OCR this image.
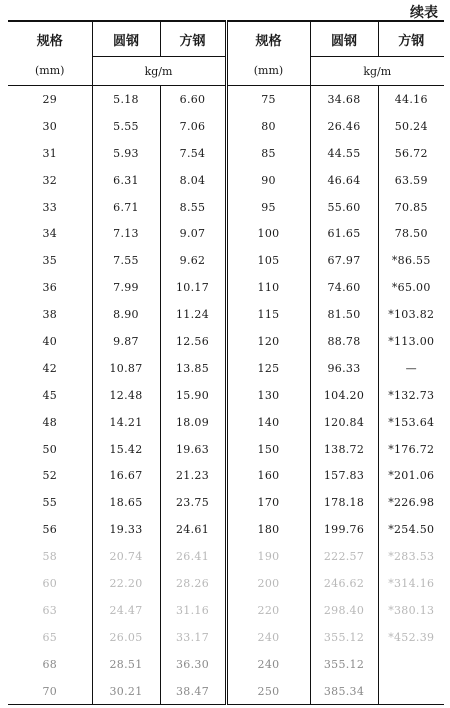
续表
规格	圆钢	方钢	规格	圆钢	方钢
(mm)	kg/m		(mm)	kg/m	
29	5.18	6.60	75	34.68	44.16
30	5.55	7.06	80	26.46	50.24
31	5.93	7.54	85	44.55	56.72
32	6.31	8.04	90	46.64	63.59
33	6.71	8.55	95	55.60	70.85
34	7.13	9.07	100	61.65	78.50
35	7.55	9.62	105	67.97	*86.55
36	7.99	10.17	110	74.60	*65.00
38	8.90	11.24	115	81.50	*103.82
40	9.87	12.56	120	88.78	*113.00
42	10.87	13.85	125	96.33	—
45	12.48	15.90	130	104.20	*132.73
48	14.21	18.09	140	120.84	*153.64
50	15.42	19.63	150	138.72	*176.72
52	16.67	21.23	160	157.83	*201.06
55	18.65	23.75	170	178.18	*226.98
56	19.33	24.61	180	199.76	*254.50
58	20.74	26.41	190	222.57	*283.53
60	22.20	28.26	200	246.62	*314.16
63	24.47	31.16	220	298.40	*380.13
65	26.05	33.17	240	355.12	*452.39
68	28.51	36.30	240	355.12	
70	30.21	38.47	250	385.34	
